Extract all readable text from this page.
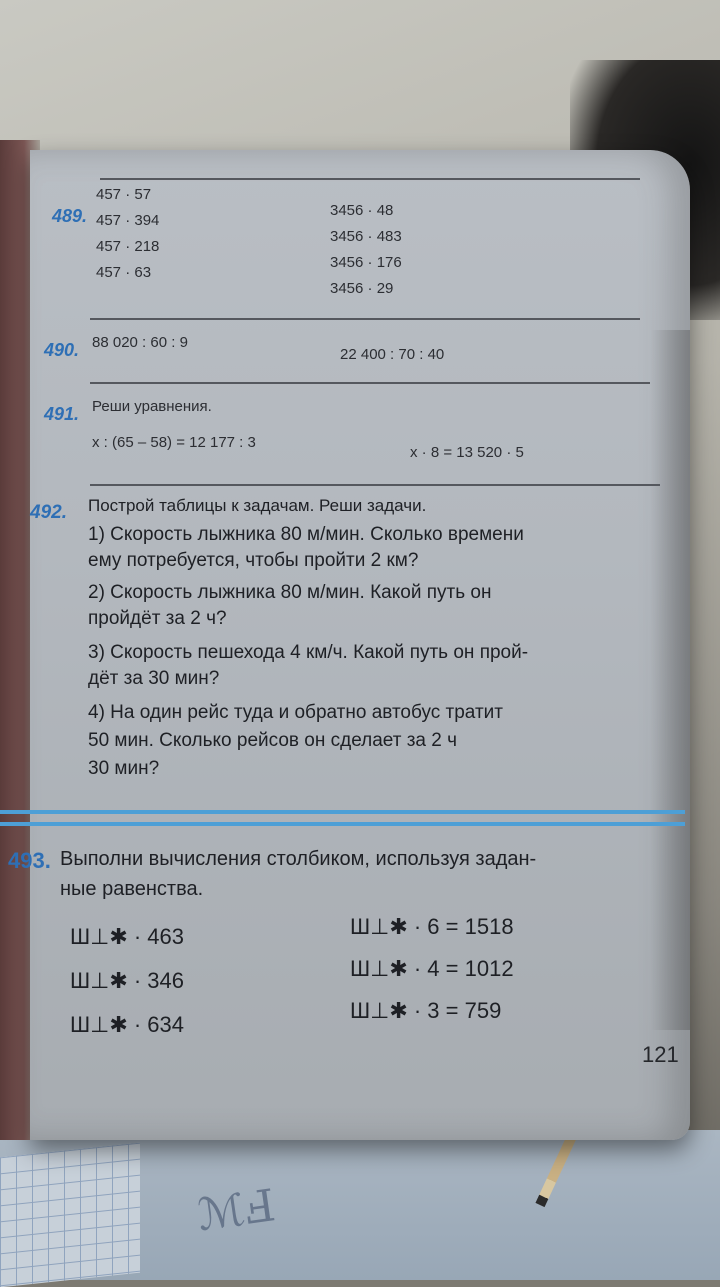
ℳℲ
489.
457 · 57
457 · 394
457 · 218
457 · 63
3456 · 48
3456 · 483
3456 · 176
3456 · 29
490. 88 020 : 60 : 9
22 400 : 70 : 40
491. Реши уравнения.
x : (65 – 58) = 12 177 : 3
x · 8 = 13 520 · 5
492. Построй таблицы к задачам. Реши задачи.
1) Скорость лыжника 80 м/мин. Сколько времени
ему потребуется, чтобы пройти 2 км?
2) Скорость лыжника 80 м/мин. Какой путь он
пройдёт за 2 ч?
3) Скорость пешехода 4 км/ч. Какой путь он прой-
дёт за 30 мин?
4) На один рейс туда и обратно автобус тратит
50 мин. Сколько рейсов он сделает за 2 ч
30 мин?
493. Выполни вычисления столбиком, используя задан-
ные равенства.
Ш⊥✱ · 463
Ш⊥✱ · 346
Ш⊥✱ · 634
Ш⊥✱ · 6 = 1518
Ш⊥✱ · 4 = 1012
Ш⊥✱ · 3 = 759
121
